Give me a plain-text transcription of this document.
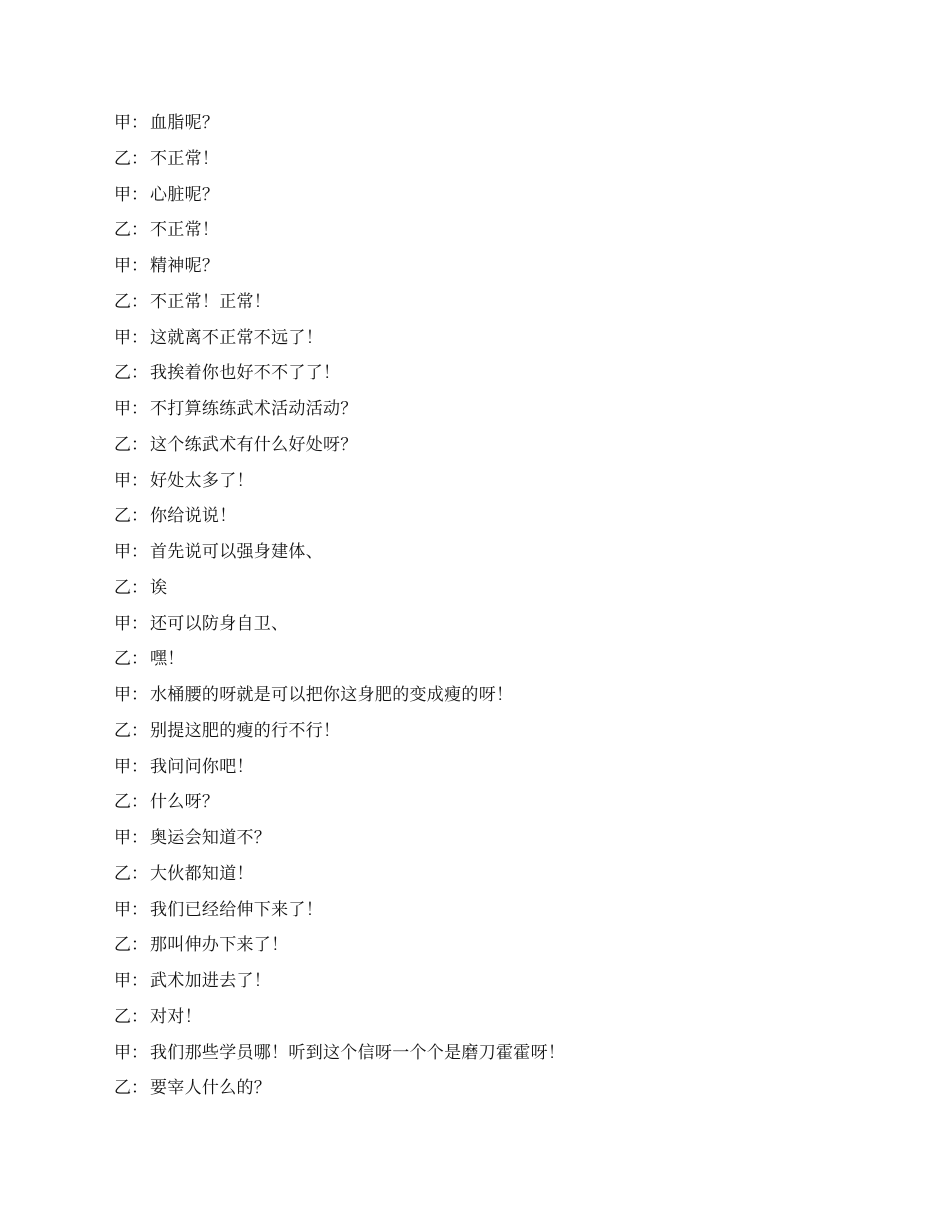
甲 ： 血脂呢？
乙 ： 不正常！
甲 ： 心脏呢？
乙 ： 不正常！
甲 ： 精神呢？
乙 ： 不正常！正常！
甲 ： 这就离不正常不远了！
乙 ： 我挨着你也好不不了了！
甲 ： 不打算练练武术活动活动？
乙 ： 这个练武术有什么好处呀？
甲 ： 好处太多了！
乙 ： 你给说说！
甲 ： 首先说可以强身建体、
乙 ： 诶
甲 ： 还可以防身自卫、
乙 ： 嘿！
甲 ： 水桶腰的呀就是可以把你这身肥的变成瘦的呀！
乙 ： 别提这肥的瘦的行不行！
甲 ： 我问问你吧！
乙 ： 什么呀？
甲 ： 奥运会知道不？
乙 ： 大伙都知道！
甲 ： 我们已经给伸下来了！
乙 ： 那叫伸办下来了！
甲 ： 武术加进去了！
乙 ： 对对！
甲 ： 我们那些学员哪！听到这个信呀一个个是磨刀霍霍呀！
乙 ： 要宰人什么的？
